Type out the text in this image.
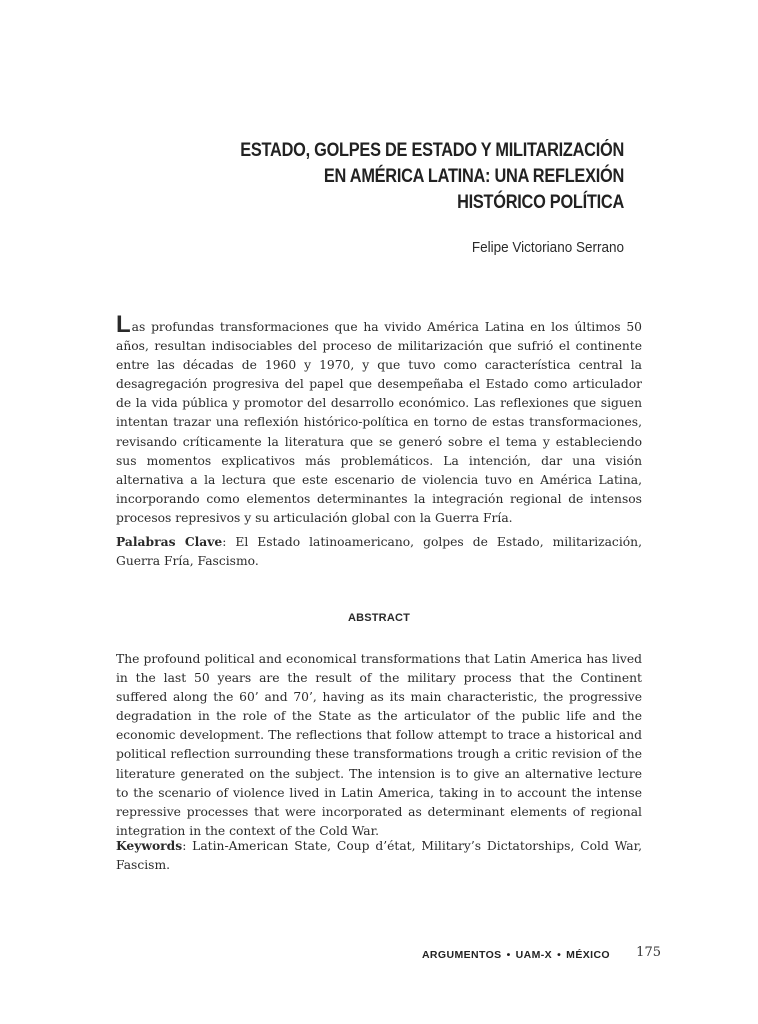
ESTADO, GOLPES DE ESTADO Y MILITARIZACIÓN
EN AMÉRICA LATINA: UNA REFLEXIÓN
HISTÓRICO POLÍTICA

Felipe Victoriano Serrano

Las profundas transformaciones que ha vivido América Latina en los últimos 50 años, resultan indisociables del proceso de militarización que sufrió el continente entre las décadas de 1960 y 1970, y que tuvo como característica central la desagregación progresiva del papel que desempeñaba el Estado como articulador de la vida pública y promotor del desarrollo económico. Las reflexiones que siguen intentan trazar una reflexión histórico-política en torno de estas transformaciones, revisando críticamente la literatura que se generó sobre el tema y estableciendo sus momentos explicativos más problemáticos. La intención, dar una visión alternativa a la lectura que este escenario de violencia tuvo en América Latina, incorporando como elementos determinantes la integración regional de intensos procesos represivos y su articulación global con la Guerra Fría.

Palabras Clave: El Estado latinoamericano, golpes de Estado, militarización, Guerra Fría, Fascismo.

ABSTRACT

The profound political and economical transformations that Latin America has lived in the last 50 years are the result of the military process that the Continent suffered along the 60’ and 70’, having as its main characteristic, the progressive degradation in the role of the State as the articulator of the public life and the economic development. The reflections that follow attempt to trace a historical and political reflection surrounding these transformations trough a critic revision of the literature generated on the subject. The intension is to give an alternative lecture to the scenario of violence lived in Latin America, taking in to account the intense repressive processes that were incorporated as determinant elements of regional integration in the context of the Cold War.

Keywords: Latin-American State, Coup d’état, Military’s Dictatorships, Cold War, Fascism.

ARGUMENTOS • UAM-X • MÉXICO 175
